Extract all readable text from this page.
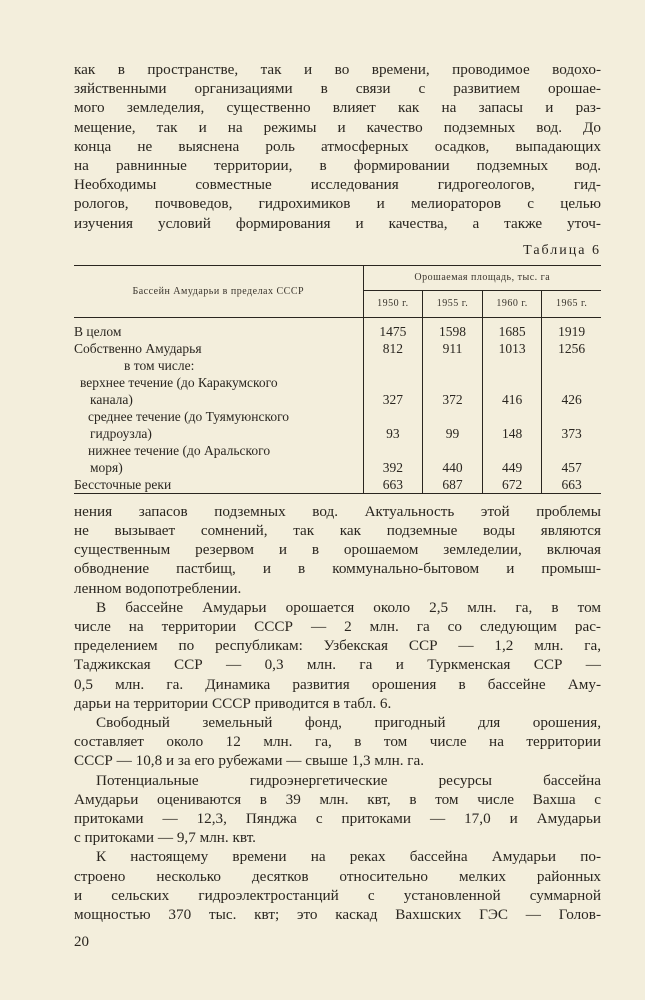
как в пространстве, так и во времени, проводимое водохо-
зяйственными организациями в связи с развитием орошае-
мого земледелия, существенно влияет как на запасы и раз-
мещение, так и на режимы и качество подземных вод. До
конца не выяснена роль атмосферных осадков, выпадающих
на равнинные территории, в формировании подземных вод.
Необходимы совместные исследования гидрогеологов, гид-
рологов, почвоведов, гидрохимиков и мелиораторов с целью
изучения условий формирования и качества, а также уточ-

Таблица 6
Бассейн Амударьи в пределах СССР	Орошаемая площадь, тыс. га			
	1950 г.	1955 г.	1960 г.	1965 г.
В целом	1475	1598	1685	1919
Собственно Амударья	812	911	1013	1256
в том числе:				
верхнее течение (до Каракумского				
канала)	327	372	416	426
среднее течение (до Туямуюнского				
гидроузла)	93	99	148	373
нижнее течение (до Аральского				
моря)	392	440	449	457
Бессточные реки	663	687	672	663

нения запасов подземных вод. Актуальность этой проблемы
не вызывает сомнений, так как подземные воды являются
существенным резервом и в орошаемом земледелии, включая
обводнение пастбищ, и в коммунально-бытовом и промыш-
ленном водопотреблении.

В бассейне Амударьи орошается около 2,5 млн. га, в том
числе на территории СССР — 2 млн. га со следующим рас-
пределением по республикам: Узбекская ССР — 1,2 млн. га,
Таджикская ССР — 0,3 млн. га и Туркменская ССР —
0,5 млн. га. Динамика развития орошения в бассейне Аму-
дарьи на территории СССР приводится в табл. 6.

Свободный земельный фонд, пригодный для орошения,
составляет около 12 млн. га, в том числе на территории
СССР — 10,8 и за его рубежами — свыше 1,3 млн. га.

Потенциальные гидроэнергетические ресурсы бассейна
Амударьи оцениваются в 39 млн. квт, в том числе Вахша с
притоками — 12,3, Пянджа с притоками — 17,0 и Амударьи
с притоками — 9,7 млн. квт.

К настоящему времени на реках бассейна Амударьи по-
строено несколько десятков относительно мелких районных
и сельских гидроэлектростанций с установленной суммарной
мощностью 370 тыс. квт; это каскад Вахшских ГЭС — Голов-

20
